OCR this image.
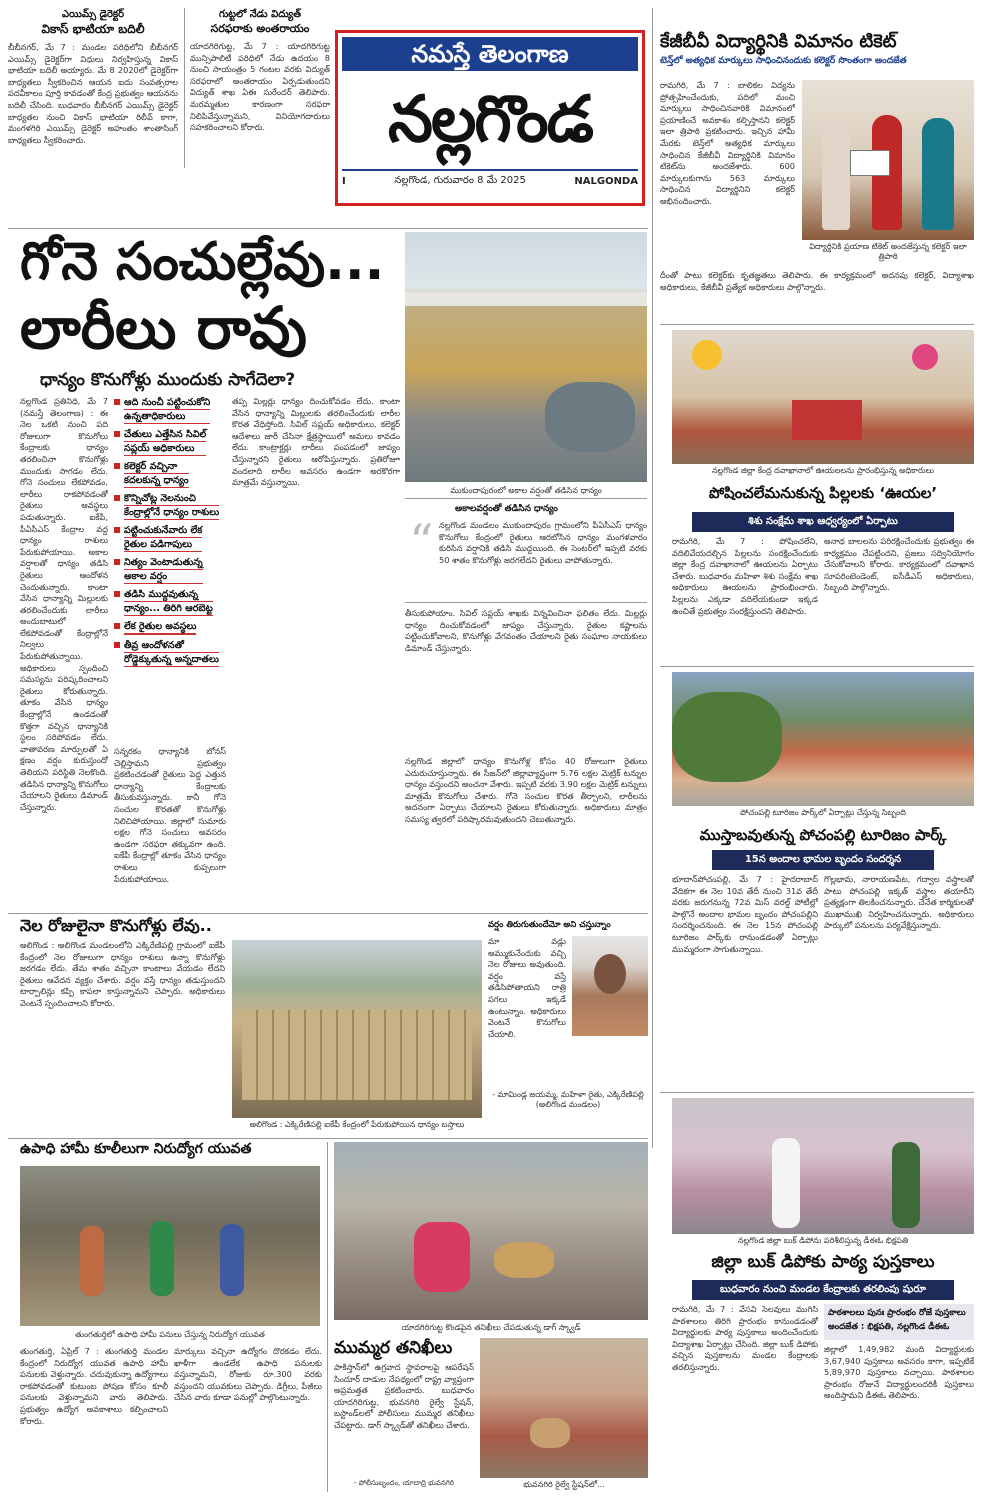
ఎయిమ్స్ డైరెక్టర్
వికాస్ భాటియా బదిలీ
బీబీనగర్, మే 7 : మండల పరిధిలోని బీబీనగర్ ఎయిమ్స్ డైరెక్టర్‌గా విధులు నిర్వహిస్తున్న వికాస్ భాటియా బదిలీ అయ్యారు. మే 8 2020లో డైరెక్టర్‌గా బాధ్యతలు స్వీకరించిన ఆయన ఐదు సంవత్సరాల పదవీకాలం పూర్తి కావడంతో కేంద్ర ప్రభుత్వం ఆయనను బదిలీ చేసింది. బుధవారం బీబీనగర్ ఎయిమ్స్ డైరెక్టర్ బాధ్యతల నుంచి వికాస్ భాటియా రిలీవ్ కాగా, మంగళగిరి ఎయిమ్స్ డైరెక్టర్ అహంతం శాంతాసింగ్ బాధ్యతలు స్వీకరించారు.
గుట్టలో నేడు విద్యుత్
సరఫరాకు అంతరాయం
యాదగిరిగుట్ట, మే 7 : యాదగిరిగుట్ట మున్సిపాలిటీ పరిధిలో నేడు ఉదయం 8 నుంచి సాయంత్రం 5 గంటల వరకు విద్యుత్ సరఫరాలో అంతరాయం ఏర్పడుతుందని విద్యుత్ శాఖ ఏఈ సురేందర్ తెలిపారు. మరమ్మతుల కారణంగా సరఫరా నిలిపివేస్తున్నామని, వినియోగదారులు సహకరించాలని కోరారు.
నమస్తే తెలంగాణ
నల్లగొండ
I	నల్లగొండ, గురువారం 8 మే 2025	NALGONDA
కేజీబీవీ విద్యార్థినికి విమానం టికెట్
టెన్త్‌లో అత్యధిక మార్కులు సాధించినందుకు కలెక్టర్ సొంతంగా అందజేత
రామగిరి, మే 7 : బాలికల విద్యను ప్రోత్సహించేందుకు, పదిలో మంచి మార్కులు సాధించినవారికి విమానంలో ప్రయాణించే అవకాశం కల్పిస్తానని కలెక్టర్ ఇలా త్రిపాఠి ప్రకటించారు. ఇచ్చిన హామీ మేరకు టెన్త్‌లో అత్యధిక మార్కులు సాధించిన కేజీబీవీ విద్యార్థినికి విమానం టికెట్‌ను అందజేశారు. 600 మార్కులకుగాను 563 మార్కులు సాధించిన విద్యార్థినిని కలెక్టర్ అభినందించారు.
విద్యార్థినికి ప్రయాణ టికెట్ అందజేస్తున్న కలెక్టర్ ఇలా త్రిపాఠి
దీంతో పాటు కలెక్టర్‌కు కృతజ్ఞతలు తెలిపారు. ఈ కార్యక్రమంలో అదనపు కలెక్టర్, విద్యాశాఖ అధికారులు, కేజీబీవీ ప్రత్యేక అధికారులు పాల్గొన్నారు.
గోనె సంచుల్లేవు...
లారీలు రావు
ధాన్యం కొనుగోళ్లు ముందుకు సాగేదెలా?
ముకుందాపురంలో అకాల వర్షంతో తడిసిన ధాన్యం
అకాలవర్షంతో తడిసిన ధాన్యం
“ నల్లగొండ మండలం ముకుందాపురం గ్రామంలోని పీఏసీఎస్ ధాన్యం కొనుగోలు కేంద్రంలో రైతులు ఆరబోసిన ధాన్యం మంగళవారం కురిసిన వర్షానికి తడిసి ముద్దయింది. ఈ సెంటర్‌లో ఇప్పటి వరకు 50 శాతం కొనుగోళ్లు జరగలేదని రైతులు వాపోతున్నారు.
నల్లగొండ ప్రతినిధి, మే 7 (నమస్తే తెలంగాణ) : ఈ నెల ఒకటి నుంచి పది రోజులుగా కొనుగోలు కేంద్రాలకు ధాన్యం తరలించినా కొనుగోళ్లు ముందుకు సాగడం లేదు. గోనె సంచులు లేకపోవడం, లారీలు రాకపోవడంతో రైతులు అవస్థలు పడుతున్నారు. ఐకేపీ, పీఏసీఎస్ కేంద్రాల వద్ద ధాన్యం రాశులు పేరుకుపోయాయి. అకాల వర్షాలతో ధాన్యం తడిసి రైతులు ఆందోళన చెందుతున్నారు. కాంటా వేసిన ధాన్యాన్ని మిల్లులకు తరలించేందుకు లారీలు అందుబాటులో లేకపోవడంతో కేంద్రాల్లోనే నిల్వలు పేరుకుపోతున్నాయి. అధికారులు స్పందించి సమస్యను పరిష్కరించాలని రైతులు కోరుతున్నారు. తూకం వేసిన ధాన్యం కేంద్రాల్లోనే ఉండడంతో కొత్తగా వచ్చిన ధాన్యానికి స్థలం సరిపోవడం లేదు. వాతావరణ మార్పులతో ఏ క్షణం వర్షం కురుస్తుందో తెలియని పరిస్థితి నెలకొంది. తడిసిన ధాన్యాన్ని కొనుగోలు చేయాలని రైతులు డిమాండ్ చేస్తున్నారు.
ఆది నుంచీ పట్టించుకోని
ఉన్నతాధికారులు
చేతులు ఎత్తేసిన సివిల్
సప్లయ్ అధికారులు
కలెక్టర్ వచ్చినా
కదలకున్న ధాన్యం
కొన్నిచోట్ల నెలనుంచి
కేంద్రాల్లోనే ధాన్యం రాశులు
పట్టించుకునేవారు లేక
రైతుల పడిగాపులు
నిత్యం వెంటాడుతున్న
అకాల వర్షం
తడిసి ముద్దవుతున్న
ధాన్యం... తిరిగి ఆరబెట్ట
లేక రైతుల అవస్థలు
తీవ్ర ఆందోళనతో
రోడ్డెక్కుతున్న అన్నదాతలు
సన్నరకం ధాన్యానికి బోనస్ చెల్లిస్తామని ప్రభుత్వం ప్రకటించడంతో రైతులు పెద్ద ఎత్తున ధాన్యాన్ని కేంద్రాలకు తీసుకువస్తున్నారు. కానీ గోనె సంచుల కొరతతో కొనుగోళ్లు నిలిచిపోయాయి. జిల్లాలో సుమారు లక్షల గోనె సంచులు అవసరం ఉండగా సరఫరా తక్కువగా ఉంది. ఐకేపీ కేంద్రాల్లో తూకం వేసిన ధాన్యం రాశులు కుప్పలుగా పేరుకుపోయాయి.
తప్ప మిల్లర్లు ధాన్యం దించుకోవడం లేదు. కాంటా వేసిన ధాన్యాన్ని మిల్లులకు తరలించేందుకు లారీల కొరత వేధిస్తోంది. సివిల్ సప్లయ్ అధికారులు, కలెక్టర్ ఆదేశాలు జారీ చేసినా క్షేత్రస్థాయిలో అమలు కావడం లేదు. కాంట్రాక్టర్లు లారీలు పంపడంలో జాప్యం చేస్తున్నారని రైతులు ఆరోపిస్తున్నారు. ప్రతిరోజూ వందలాది లారీల అవసరం ఉండగా అరకొరగా మాత్రమే వస్తున్నాయి.
తీసుకుపోయాం. సివిల్ సప్లయ్ శాఖకు విన్నవించినా ఫలితం లేదు. మిల్లర్లు ధాన్యం దించుకోవడంలో జాప్యం చేస్తున్నారు. రైతుల కష్టాలను పట్టించుకోవాలని, కొనుగోళ్లు వేగవంతం చేయాలని రైతు సంఘాల నాయకులు డిమాండ్ చేస్తున్నారు.
నల్లగొండ జిల్లాలో ధాన్యం కొనుగోళ్ల కోసం 40 రోజులుగా రైతులు ఎదురుచూస్తున్నారు. ఈ సీజన్‌లో జిల్లావ్యాప్తంగా 5.76 లక్షల మెట్రిక్ టన్నుల ధాన్యం వస్తుందని అంచనా వేశారు. ఇప్పటి వరకు 3.90 లక్షల మెట్రిక్ టన్నులు మాత్రమే కొనుగోలు చేశారు. గోనె సంచుల కొరత తీర్చాలని, లారీలను అదనంగా ఏర్పాటు చేయాలని రైతులు కోరుతున్నారు. అధికారులు మాత్రం సమస్య త్వరలో పరిష్కారమవుతుందని చెబుతున్నారు.
నెల రోజులైనా కొనుగోళ్లు లేవు..
అలిగొండ : అలిగొండ మండలంలోని ఎక్కిరేణిపల్లి గ్రామంలో ఐకేపీ కేంద్రంలో నెల రోజులుగా ధాన్యం రాశులు ఉన్నా కొనుగోళ్లు జరగడం లేదు. తేమ శాతం వచ్చినా కాంటాలు వేయడం లేదని రైతులు ఆవేదన వ్యక్తం చేశారు. వర్షం వస్తే ధాన్యం తడుస్తుందని టార్పాలిన్లు కప్పి కాపలా కాస్తున్నామని చెప్పారు. అధికారులు వెంటనే స్పందించాలని కోరారు.
అలిగొండ : ఎక్కిరేణిపల్లి ఐకేపీ కేంద్రంలో పేరుకుపోయిన ధాన్యం బస్తాలు
వర్షం తిరుగుతుందేమో అని చస్తున్నాం
మా వడ్లు అమ్ముకునేందుకు వచ్చి నెల రోజులు అవుతుంది. వర్షం వస్తే తడిసిపోతాయని రాత్రి పగలు ఇక్కడే ఉంటున్నాం. అధికారులు వెంటనే కొనుగోలు చేయాలి.
- మామిండ్ల జయమ్మ, మహిళా రైతు, ఎక్కిరేణిపల్లి (అలిగొండ మండలం)
ఉపాధి హామీ కూలీలుగా నిరుద్యోగ యువత
తుంగతుర్తిలో ఉపాధి హామీ పనులు చేస్తున్న నిరుద్యోగ యువత
తుంగతుర్తి, ఏప్రిల్ 7 : తుంగతుర్తి మండల కేంద్రంలో నిరుద్యోగ యువత ఉపాధి హామీ పనులకు వెళ్తున్నారు. చదువుకున్నా ఉద్యోగాలు రాకపోవడంతో కుటుంబ పోషణ కోసం కూలీ పనులకు వెళ్తున్నామని వారు తెలిపారు. ప్రభుత్వం ఉద్యోగ అవకాశాలు కల్పించాలని కోరారు.
మార్కులు వచ్చినా ఉద్యోగం దొరకడం లేదు. ఖాళీగా ఉండలేక ఉపాధి పనులకు వస్తున్నామని, రోజుకు రూ.300 వరకు వస్తుందని యువకులు చెప్పారు. డిగ్రీలు, పీజీలు చేసిన వారు కూడా పనుల్లో పాల్గొంటున్నారు.
యాదగిరిగుట్ట కొండపైన తనిఖీలు చేపడుతున్న డాగ్ స్క్వాడ్
ముమ్మర తనిఖీలు
పాకిస్తాన్‌లో ఉగ్రవాద స్థావరాలపై ఆపరేషన్ సిందూర్ దాడుల నేపథ్యంలో రాష్ట్ర వ్యాప్తంగా అప్రమత్తత ప్రకటించారు. బుధవారం యాదగిరిగుట్ట, భువనగిరి రైల్వే స్టేషన్, బస్టాండ్‌లలో పోలీసులు ముమ్మర తనిఖీలు చేపట్టారు. డాగ్ స్క్వాడ్‌తో తనిఖీలు చేశారు.
- పోలీసుబృందం, యాదాద్రి భువనగిరి	భువనగిరి రైల్వే స్టేషన్‌లో...
నల్లగొండ జిల్లా కేంద్ర దవాఖానాలో ఊయలలను ప్రారంభిస్తున్న అధికారులు
పోషించలేమనుకున్న పిల్లలకు ‘ఊయల’
శిశు సంక్షేమ శాఖ ఆధ్వర్యంలో ఏర్పాటు
రామగిరి, మే 7 : పోషించలేని, వదిలివేయదల్చిన పిల్లలను సంరక్షించేందుకు జిల్లా కేంద్ర దవాఖానాలో ఊయలను ఏర్పాటు చేశారు. బుధవారం మహిళా శిశు సంక్షేమ శాఖ అధికారులు ఊయలను ప్రారంభించారు. పిల్లలను ఎక్కడా వదిలేయకుండా ఇక్కడ ఉంచితే ప్రభుత్వం సంరక్షిస్తుందని తెలిపారు.
అనాథ బాలలను పరిరక్షించేందుకు ప్రభుత్వం ఈ కార్యక్రమం చేపట్టిందని, ప్రజలు సద్వినియోగం చేసుకోవాలని కోరారు. కార్యక్రమంలో దవాఖాన సూపరింటెండెంట్, ఐసీడీఎస్ అధికారులు, సిబ్బంది పాల్గొన్నారు.
పోచంపల్లి టూరిజం పార్క్‌లో ఏర్పాట్లు చేస్తున్న సిబ్బంది
ముస్తాబవుతున్న పోచంపల్లి టూరిజం పార్క్
15న అందాల భామల బృందం సందర్శన
భూదాన్‌పోచంపల్లి, మే 7 : హైదరాబాద్ వేదికగా ఈ నెల 10వ తేదీ నుంచి 31వ తేదీ వరకు జరుగనున్న 72వ మిస్ వరల్డ్ పోటీల్లో పాల్గొనే అందాల భామల బృందం పోచంపల్లిని సందర్శించనుంది. ఈ నెల 15న పోచంపల్లి టూరిజం పార్క్‌కు రానుండడంతో ఏర్పాట్లు ముమ్మరంగా సాగుతున్నాయి.
గొల్లభామ, నారాయణపేట, గద్వాల వస్త్రాలతో పాటు పోచంపల్లి ఇక్కత్ వస్త్రాల తయారీని ప్రత్యక్షంగా తిలకించనున్నారు. చేనేత కార్మికులతో ముఖాముఖి నిర్వహించనున్నారు. అధికారులు పార్కులో పనులను పర్యవేక్షిస్తున్నారు.
నల్లగొండ జిల్లా బుక్ డిపోను పరిశీలిస్తున్న డీఈఓ భిక్షపతి
జిల్లా బుక్ డిపోకు పాఠ్య పుస్తకాలు
బుధవారం నుంచి మండల కేంద్రాలకు తరలింపు షురూ
రామగిరి, మే 7 : వేసవి సెలవులు ముగిసి పాఠశాలలు తిరిగి ప్రారంభం కానుండడంతో విద్యార్థులకు పాఠ్య పుస్తకాలు అందించేందుకు విద్యాశాఖ ఏర్పాట్లు చేసింది. జిల్లా బుక్ డిపోకు వచ్చిన పుస్తకాలను మండల కేంద్రాలకు తరలిస్తున్నారు.
పాఠశాలలు పునః ప్రారంభం రోజే పుస్తకాలు
అందజేత : భిక్షపతి, నల్లగొండ డీఈఓ
జిల్లాలో 1,49,982 మంది విద్యార్థులకు 3,67,940 పుస్తకాలు అవసరం కాగా, ఇప్పటికే 5,89,970 పుస్తకాలు వచ్చాయి. పాఠశాలల ప్రారంభం రోజునే విద్యార్థులందరికీ పుస్తకాలు అందిస్తామని డీఈఓ తెలిపారు.
